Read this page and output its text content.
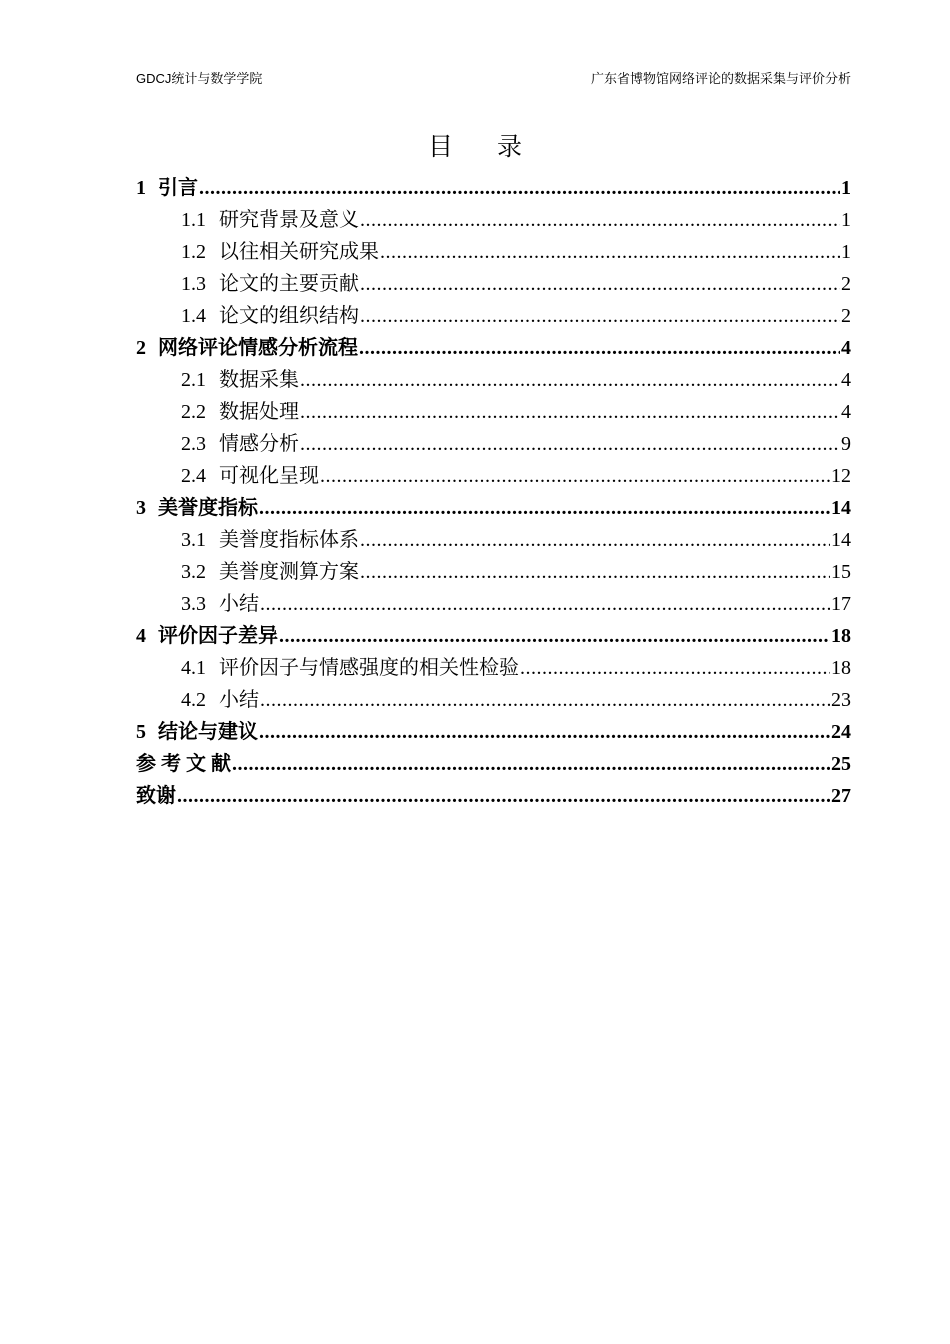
GDCJ统计与数学学院	广东省博物馆网络评论的数据采集与评价分析
目录
1 引言 .....	1
1.1 研究背景及意义 .....	1
1.2 以往相关研究成果 .....	1
1.3 论文的主要贡献 .....	2
1.4 论文的组织结构 .....	2
2 网络评论情感分析流程 .....	4
2.1 数据采集 .....	4
2.2 数据处理 .....	4
2.3 情感分析 .....	9
2.4 可视化呈现 .....	12
3 美誉度指标 .....	14
3.1 美誉度指标体系 .....	14
3.2 美誉度测算方案 .....	15
3.3 小结 .....	17
4 评价因子差异 .....	18
4.1 评价因子与情感强度的相关性检验 .....	18
4.2 小结 .....	23
5 结论与建议 .....	24
参 考 文 献 .....	25
致谢 .....	27
